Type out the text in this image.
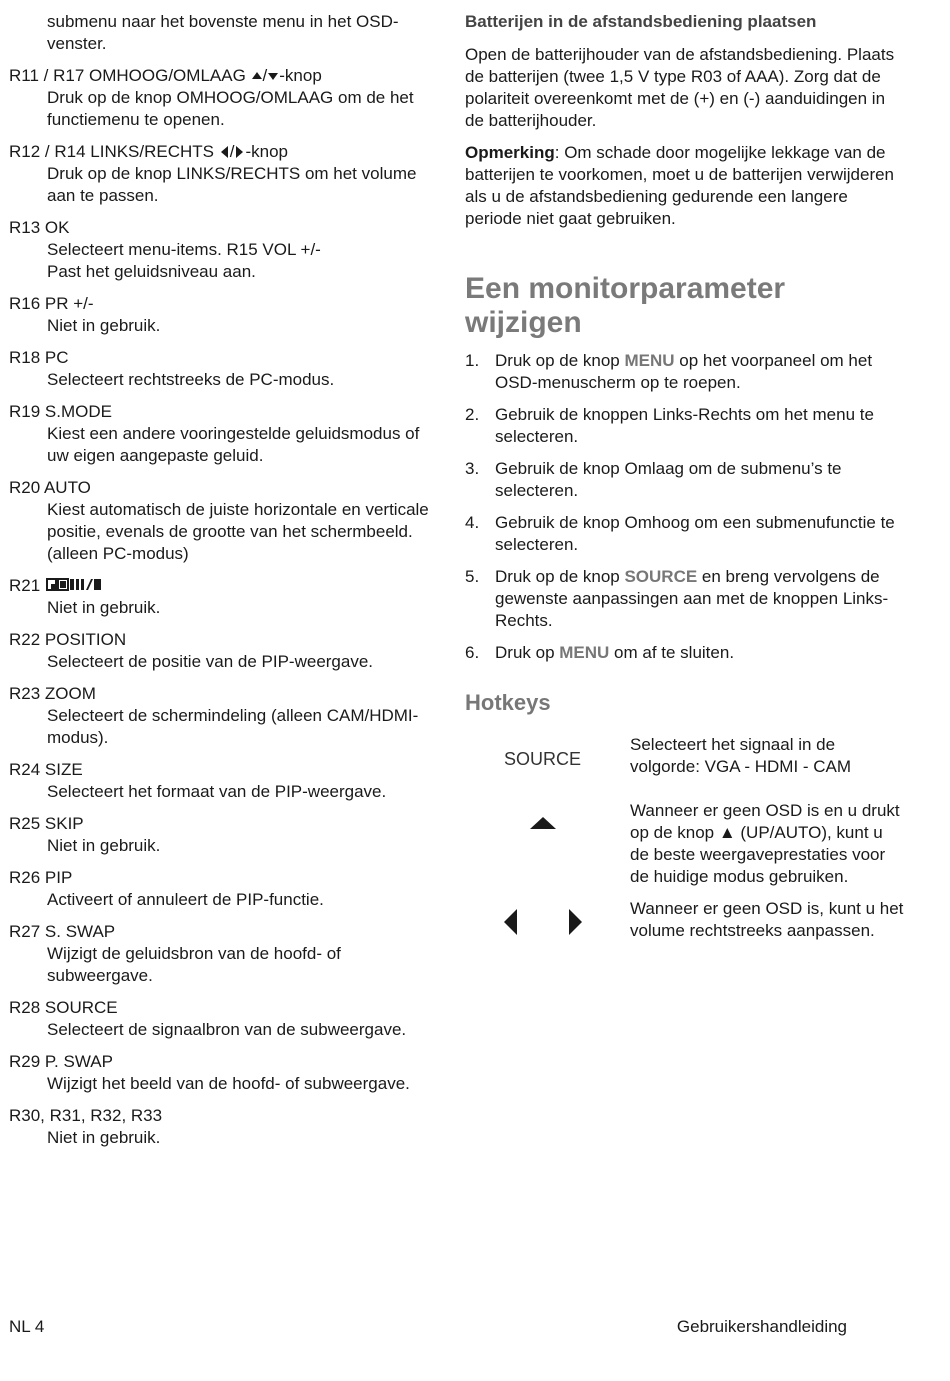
submenu naar het bovenste menu in het OSD-venster.
R11 / R17 OMHOOG/OMLAAG / -knop
Druk op de knop OMHOOG/OMLAAG om de het functiemenu te openen.
R12 / R14 LINKS/RECHTS / -knop
Druk op de knop LINKS/RECHTS om het volume aan te passen.
R13 OK
Selecteert menu-items. R15 VOL +/-
Past het geluidsniveau aan.
R16 PR +/-
Niet in gebruik.
R18 PC
Selecteert rechtstreeks de PC-modus.
R19 S.MODE
Kiest een andere vooringestelde geluidsmodus of uw eigen aangepaste geluid.
R20 AUTO
Kiest automatisch de juiste horizontale en verticale positie, evenals de grootte van het schermbeeld. (alleen PC-modus)
R21
Niet in gebruik.
R22 POSITION
Selecteert de positie van de PIP-weergave.
R23 ZOOM
Selecteert de schermindeling (alleen CAM/HDMI-modus).
R24 SIZE
Selecteert het formaat van de PIP-weergave.
R25 SKIP
Niet in gebruik.
R26 PIP
Activeert of annuleert de PIP-functie.
R27 S. SWAP
Wijzigt de geluidsbron van de hoofd- of subweergave.
R28 SOURCE
Selecteert de signaalbron van de subweergave.
R29 P. SWAP
Wijzigt het beeld van de hoofd- of subweergave.
R30, R31, R32, R33
Niet in gebruik.
Batterijen in de afstandsbediening plaatsen

Open de batterijhouder van de afstandsbediening. Plaats de batterijen (twee 1,5 V type R03 of AAA). Zorg dat de polariteit overeenkomt met de (+) en (-) aanduidingen in de batterijhouder.

Opmerking: Om schade door mogelijke lekkage van de batterijen te voorkomen, moet u de batterijen verwijderen als u de afstandsbediening gedurende een langere periode niet gaat gebruiken.

Een monitorparameter wijzigen
1. Druk op de knop MENU op het voorpaneel om het OSD-menuscherm op te roepen.
2. Gebruik de knoppen Links-Rechts om het menu te selecteren.
3. Gebruik de knop Omlaag om de submenu’s te selecteren.
4. Gebruik de knop Omhoog om een submenufunctie te selecteren.
5. Druk op de knop SOURCE en breng vervolgens de gewenste aanpassingen aan met de knoppen Links-Rechts.
6. Druk op MENU om af te sluiten.
Hotkeys
SOURCE
Selecteert het signaal in de volgorde: VGA - HDMI - CAM
Wanneer er geen OSD is en u drukt op de knop ▲ (UP/AUTO), kunt u de beste weergaveprestaties voor de huidige modus gebruiken.
Wanneer er geen OSD is, kunt u het volume rechtstreeks aanpassen.
NL 4	Gebruikershandleiding
